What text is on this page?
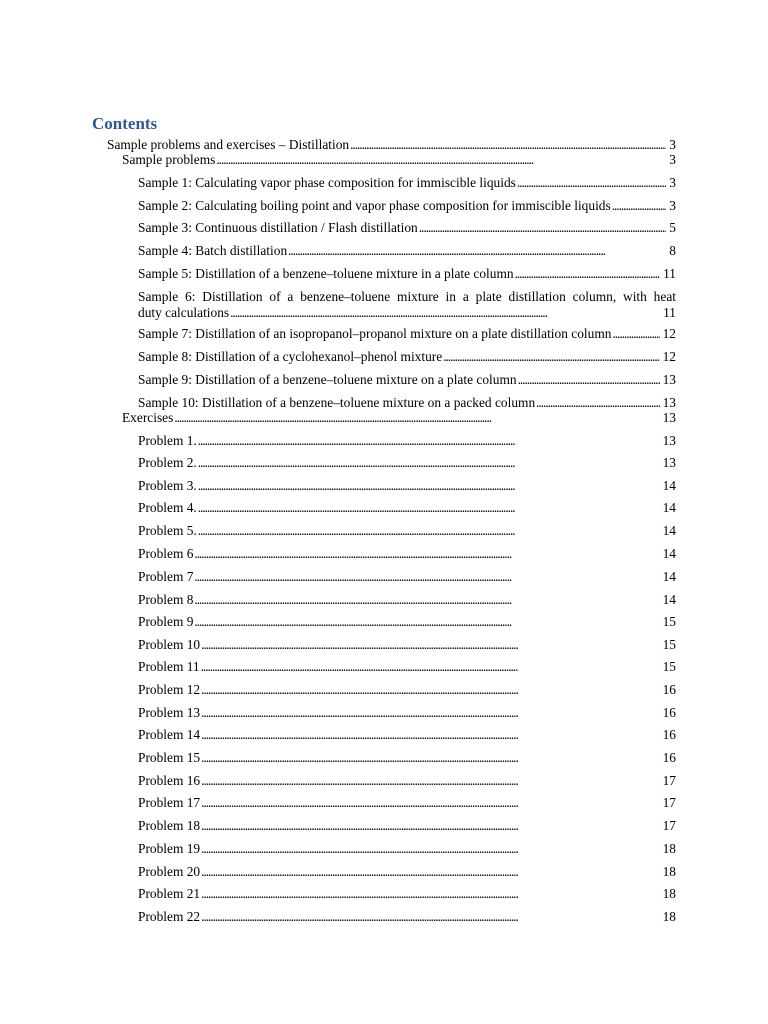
Contents
Sample problems and exercises – Distillation . . .	3
Sample problems . . .	3
Sample 1: Calculating vapor phase composition for immiscible liquids . . .	3
Sample 2: Calculating boiling point and vapor phase composition for immiscible liquids . . .	3
Sample 3: Continuous distillation / Flash distillation . . .	5
Sample 4: Batch distillation . . .	8
Sample 5: Distillation of a benzene–toluene mixture in a plate column . . .	11
Sample 6: Distillation of a benzene–toluene mixture in a plate distillation column, with heat
duty calculations . . .	11
Sample 7: Distillation of an isopropanol–propanol mixture on a plate distillation column . . .	12
Sample 8: Distillation of a cyclohexanol–phenol mixture . . .	12
Sample 9: Distillation of a benzene–toluene mixture on a plate column . . .	13
Sample 10: Distillation of a benzene–toluene mixture on a packed column . . .	13
Exercises . . .	13
Problem 1. . . .	13
Problem 2. . . .	13
Problem 3. . . .	14
Problem 4. . . .	14
Problem 5. . . .	14
Problem 6 . . .	14
Problem 7 . . .	14
Problem 8 . . .	14
Problem 9 . . .	15
Problem 10 . . .	15
Problem 11 . . .	15
Problem 12 . . .	16
Problem 13 . . .	16
Problem 14 . . .	16
Problem 15 . . .	16
Problem 16 . . .	17
Problem 17 . . .	17
Problem 18 . . .	17
Problem 19 . . .	18
Problem 20 . . .	18
Problem 21 . . .	18
Problem 22 . . .	18
